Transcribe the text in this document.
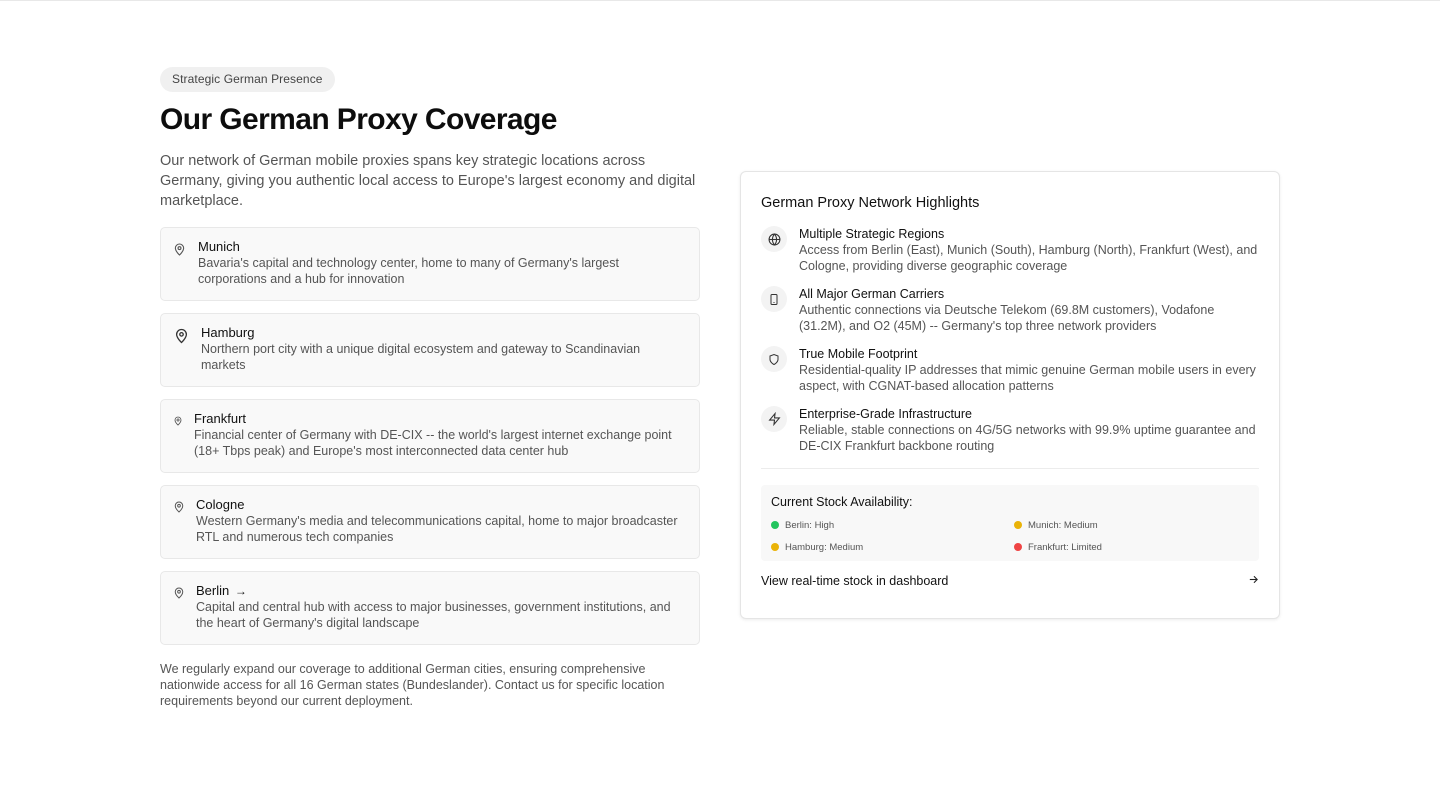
Strategic German Presence
Our German Proxy Coverage

Our network of German mobile proxies spans key strategic locations across Germany, giving you authentic local access to Europe's largest economy and digital marketplace.

Munich
Bavaria's capital and technology center, home to many of Germany's largest corporations and a hub for innovation
Hamburg
Northern port city with a unique digital ecosystem and gateway to Scandinavian markets
Frankfurt
Financial center of Germany with DE-CIX -- the world's largest internet exchange point (18+ Tbps peak) and Europe's most interconnected data center hub
Cologne
Western Germany's media and telecommunications capital, home to major broadcaster RTL and numerous tech companies
Berlin →
Capital and central hub with access to major businesses, government institutions, and the heart of Germany's digital landscape

We regularly expand our coverage to additional German cities, ensuring comprehensive nationwide access for all 16 German states (Bundeslander). Contact us for specific location requirements beyond our current deployment.

German Proxy Network Highlights
Multiple Strategic Regions
Access from Berlin (East), Munich (South), Hamburg (North), Frankfurt (West), and Cologne, providing diverse geographic coverage
All Major German Carriers
Authentic connections via Deutsche Telekom (69.8M customers), Vodafone (31.2M), and O2 (45M) -- Germany's top three network providers
True Mobile Footprint
Residential-quality IP addresses that mimic genuine German mobile users in every aspect, with CGNAT-based allocation patterns
Enterprise-Grade Infrastructure
Reliable, stable connections on 4G/5G networks with 99.9% uptime guarantee and DE-CIX Frankfurt backbone routing
Current Stock Availability:
Berlin: High	Munich: Medium
Hamburg: Medium	Frankfurt: Limited
View real-time stock in dashboard
